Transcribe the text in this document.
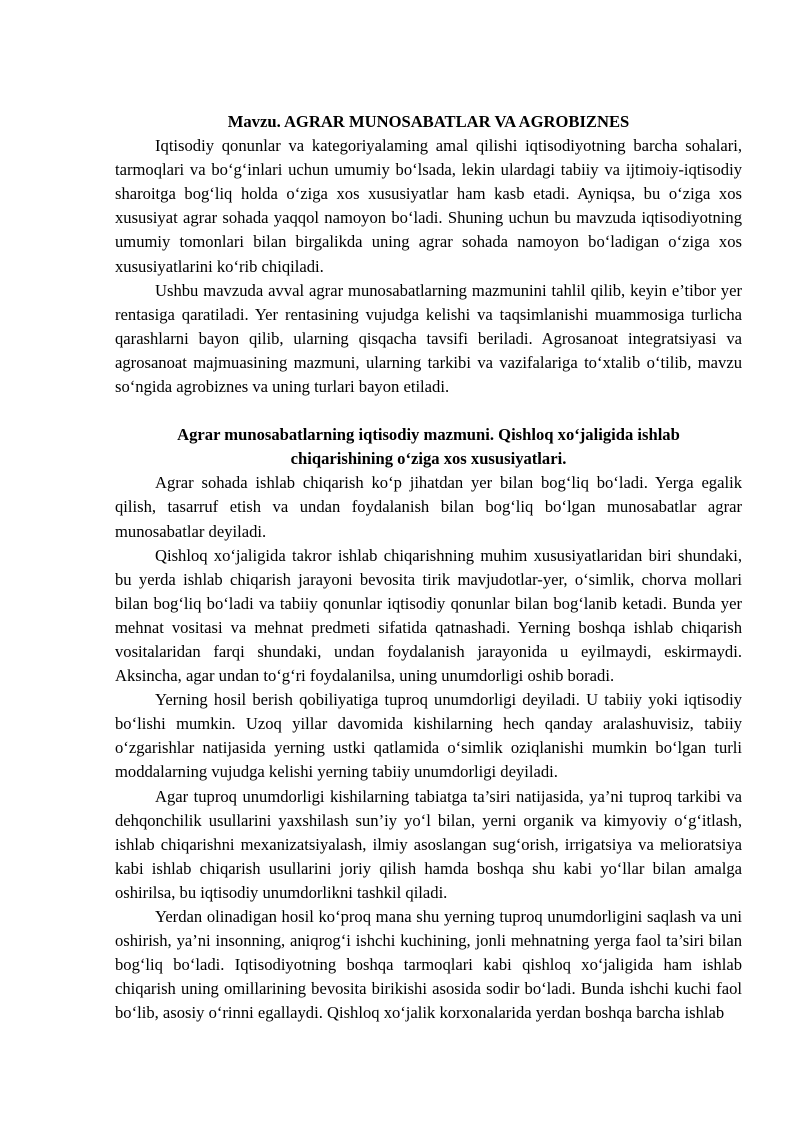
Mavzu. AGRAR MUNOSABATLAR VA AGROBIZNES

Iqtisodiy qonunlar va kategoriyalaming amal qilishi iqtisodiyotning barcha sohalari, tarmoqlari va bo‘g‘inlari uchun umumiy bo‘lsada, lekin ulardagi tabiiy va ijtimoiy-iqtisodiy sharoitga bog‘liq holda o‘ziga xos xususiyatlar ham kasb etadi. Ayniqsa, bu o‘ziga xos xususiyat agrar sohada yaqqol namoyon bo‘ladi. Shuning uchun bu mavzuda iqtisodiyotning umumiy tomonlari bilan birgalikda uning agrar sohada namoyon bo‘ladigan o‘ziga xos xususiyatlarini ko‘rib chiqiladi.

Ushbu mavzuda avval agrar munosabatlarning mazmunini tahlil qilib, keyin e’tibor yer rentasiga qaratiladi. Yer rentasining vujudga kelishi va taqsimlanishi muammosiga turlicha qarashlarni bayon qilib, ularning qisqacha tavsifi beriladi. Agrosanoat integratsiyasi va agrosanoat majmuasining mazmuni, ularning tarkibi va vazifalariga to‘xtalib o‘tilib, mavzu so‘ngida agrobiznes va uning turlari bayon etiladi.

Agrar munosabatlarning iqtisodiy mazmuni. Qishloq xo‘jaligida ishlab
chiqarishining o‘ziga xos xususiyatlari.

Agrar sohada ishlab chiqarish ko‘p jihatdan yer bilan bog‘liq bo‘ladi. Yerga egalik qilish, tasarruf etish va undan foydalanish bilan bog‘liq bo‘lgan munosabatlar agrar munosabatlar deyiladi.

Qishloq xo‘jaligida takror ishlab chiqarishning muhim xususiyatlaridan biri shundaki, bu yerda ishlab chiqarish jarayoni bevosita tirik mavjudotlar-yer, o‘simlik, chorva mollari bilan bog‘liq bo‘ladi va tabiiy qonunlar iqtisodiy qonunlar bilan bog‘lanib ketadi. Bunda yer mehnat vositasi va mehnat predmeti sifatida qatnashadi. Yerning boshqa ishlab chiqarish vositalaridan farqi shundaki, undan foydalanish jarayonida u eyilmaydi, eskirmaydi. Aksincha, agar undan to‘g‘ri foydalanilsa, uning unumdorligi oshib boradi.

Yerning hosil berish qobiliyatiga tuproq unumdorligi deyiladi. U tabiiy yoki iqtisodiy bo‘lishi mumkin. Uzoq yillar davomida kishilarning hech qanday aralashuvisiz, tabiiy o‘zgarishlar natijasida yerning ustki qatlamida o‘simlik oziqlanishi mumkin bo‘lgan turli moddalarning vujudga kelishi yerning tabiiy unumdorligi deyiladi.

Agar tuproq unumdorligi kishilarning tabiatga ta’siri natijasida, ya’ni tuproq tarkibi va dehqonchilik usullarini yaxshilash sun’iy yo‘l bilan, yerni organik va kimyoviy o‘g‘itlash, ishlab chiqarishni mexanizatsiyalash, ilmiy asoslangan sug‘orish, irrigatsiya va melioratsiya kabi ishlab chiqarish usullarini joriy qilish hamda boshqa shu kabi yo‘llar bilan amalga oshirilsa, bu iqtisodiy unumdorlikni tashkil qiladi.

Yerdan olinadigan hosil ko‘proq mana shu yerning tuproq unumdorligini saqlash va uni oshirish, ya’ni insonning, aniqrog‘i ishchi kuchining, jonli mehnatning yerga faol ta’siri bilan bog‘liq bo‘ladi. Iqtisodiyotning boshqa tarmoqlari kabi qishloq xo‘jaligida ham ishlab chiqarish uning omillarining bevosita birikishi asosida sodir bo‘ladi. Bunda ishchi kuchi faol bo‘lib, asosiy o‘rinni egallaydi. Qishloq xo‘jalik korxonalarida yerdan boshqa barcha ishlab
